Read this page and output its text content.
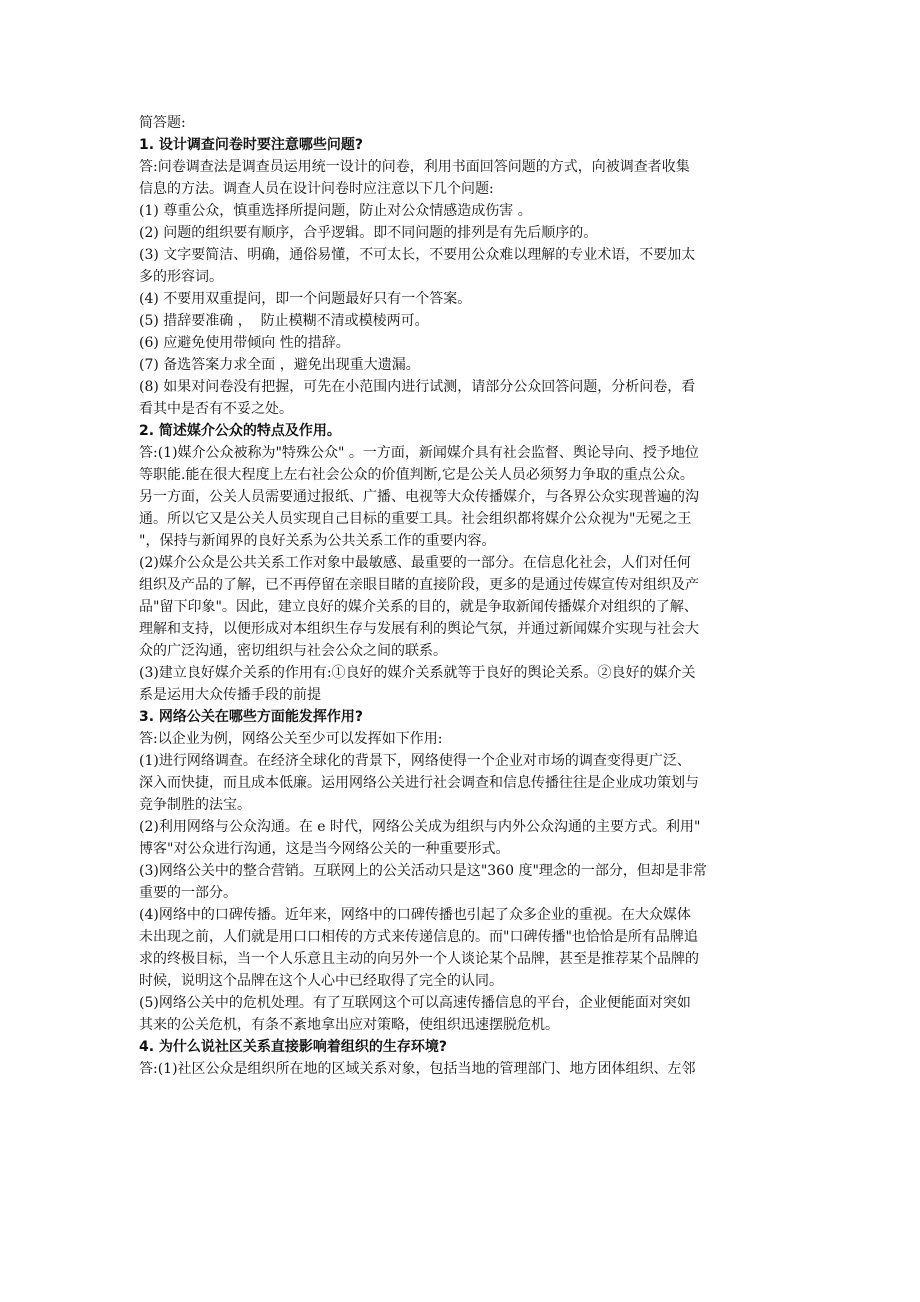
简答题:

1. 设计调查问卷时要注意哪些问题?

答:问卷调查法是调查员运用统一设计的问卷，利用书面回答问题的方式，向被调查者收集

信息的方法。调查人员在设计问卷时应注意以下几个问题:

(1) 尊重公众，慎重选择所提问题，防止对公众情感造成伤害 。

(2) 问题的组织要有顺序，合乎逻辑。即不同问题的排列是有先后顺序的。

(3) 文字要简洁、明确，通俗易懂，不可太长，不要用公众难以理解的专业术语，不要加太

多的形容词。

(4) 不要用双重提问，即一个问题最好只有一个答案。

(5) 措辞要准确 ，  防止模糊不清或模棱两可。

(6) 应避免使用带倾向 性的措辞。

(7) 备选答案力求全面 ，避免出现重大遗漏。

(8) 如果对问卷没有把握，可先在小范围内进行试测，请部分公众回答问题，分析问卷，看

看其中是否有不妥之处。

2. 简述媒介公众的特点及作用。

答:(1)媒介公众被称为"特殊公众" 。一方面，新闻媒介具有社会监督、舆论导向、授予地位

等职能.能在很大程度上左右社会公众的价值判断,它是公关人员必须努力争取的重点公众。

另一方面，公关人员需要通过报纸、广播、电视等大众传播媒介，与各界公众实现普遍的沟

通。所以它又是公关人员实现自己目标的重要工具。社会组织都将媒介公众视为"无冕之王

"，保持与新闻界的良好关系为公共关系工作的重要内容。

(2)媒介公众是公共关系工作对象中最敏感、最重要的一部分。在信息化社会，人们对任何

组织及产品的了解，已不再停留在亲眼目睹的直接阶段，更多的是通过传媒宣传对组织及产

品"留下印象"。因此，建立良好的媒介关系的目的，就是争取新闻传播媒介对组织的了解、

理解和支持，以便形成对本组织生存与发展有利的舆论气氛，并通过新闻媒介实现与社会大

众的广泛沟通，密切组织与社会公众之间的联系。

(3)建立良好媒介关系的作用有:①良好的媒介关系就等于良好的舆论关系。②良好的媒介关

系是运用大众传播手段的前提

3. 网络公关在哪些方面能发挥作用?

答:以企业为例，网络公关至少可以发挥如下作用:

(1)进行网络调查。在经济全球化的背景下，网络使得一个企业对市场的调查变得更广泛、

深入而快捷，而且成本低廉。运用网络公关进行社会调查和信息传播往往是企业成功策划与

竞争制胜的法宝。

(2)利用网络与公众沟通。在 e 时代，网络公关成为组织与内外公众沟通的主要方式。利用"

博客"对公众进行沟通，这是当今网络公关的一种重要形式。

(3)网络公关中的整合营销。互联网上的公关活动只是这"360 度"理念的一部分，但却是非常

重要的一部分。

(4)网络中的口碑传播。近年来，网络中的口碑传播也引起了众多企业的重视。在大众媒体

未出现之前，人们就是用口口相传的方式来传递信息的。而"口碑传播"也恰恰是所有品牌追

求的终极目标，当一个人乐意且主动的向另外一个人谈论某个品牌，甚至是推荐某个品牌的

时候，说明这个品牌在这个人心中已经取得了完全的认同。

(5)网络公关中的危机处理。有了互联网这个可以高速传播信息的平台，企业便能面对突如

其来的公关危机，有条不紊地拿出应对策略，使组织迅速摆脱危机。

4. 为什么说社区关系直接影响着组织的生存环境?

答:(1)社区公众是组织所在地的区域关系对象，包括当地的管理部门、地方团体组织、左邻
